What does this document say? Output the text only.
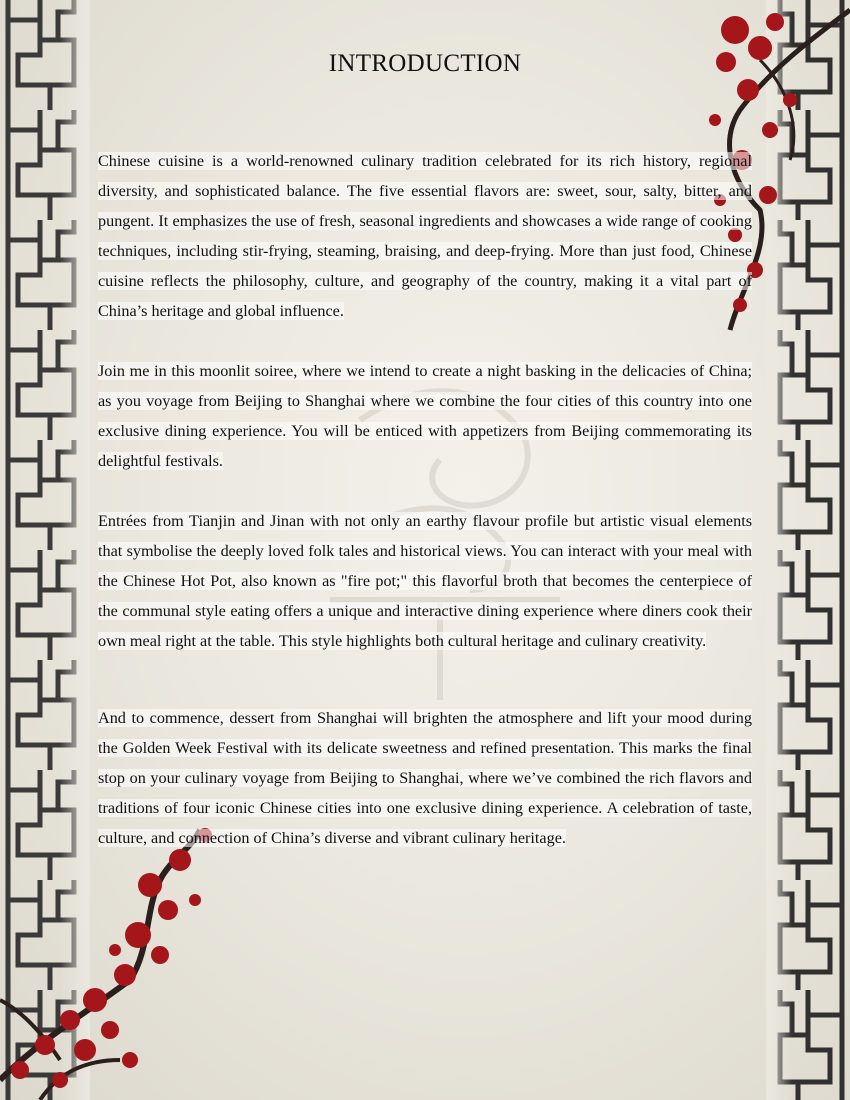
INTRODUCTION

Chinese cuisine is a world-renowned culinary tradition celebrated for its rich history, regional diversity, and sophisticated balance. The five essential flavors are: sweet, sour, salty, bitter, and pungent. It emphasizes the use of fresh, seasonal ingredients and showcases a wide range of cooking techniques, including stir-frying, steaming, braising, and deep-frying. More than just food, Chinese cuisine reflects the philosophy, culture, and geography of the country, making it a vital part of China’s heritage and global influence.

Join me in this moonlit soiree, where we intend to create a night basking in the delicacies of China; as you voyage from Beijing to Shanghai where we combine the four cities of this country into one exclusive dining experience. You will be enticed with appetizers from Beijing commemorating its delightful festivals.

Entrées from Tianjin and Jinan with not only an earthy flavour profile but artistic visual elements that symbolise the deeply loved folk tales and historical views. You can interact with your meal with the Chinese Hot Pot, also known as "fire pot;" this flavorful broth that becomes the centerpiece of the communal style eating offers a unique and interactive dining experience where diners cook their own meal right at the table. This style highlights both cultural heritage and culinary creativity.

And to commence, dessert from Shanghai will brighten the atmosphere and lift your mood during the Golden Week Festival with its delicate sweetness and refined presentation. This marks the final stop on your culinary voyage from Beijing to Shanghai, where we’ve combined the rich flavors and traditions of four iconic Chinese cities into one exclusive dining experience. A celebration of taste, culture, and connection of China’s diverse and vibrant culinary heritage.
